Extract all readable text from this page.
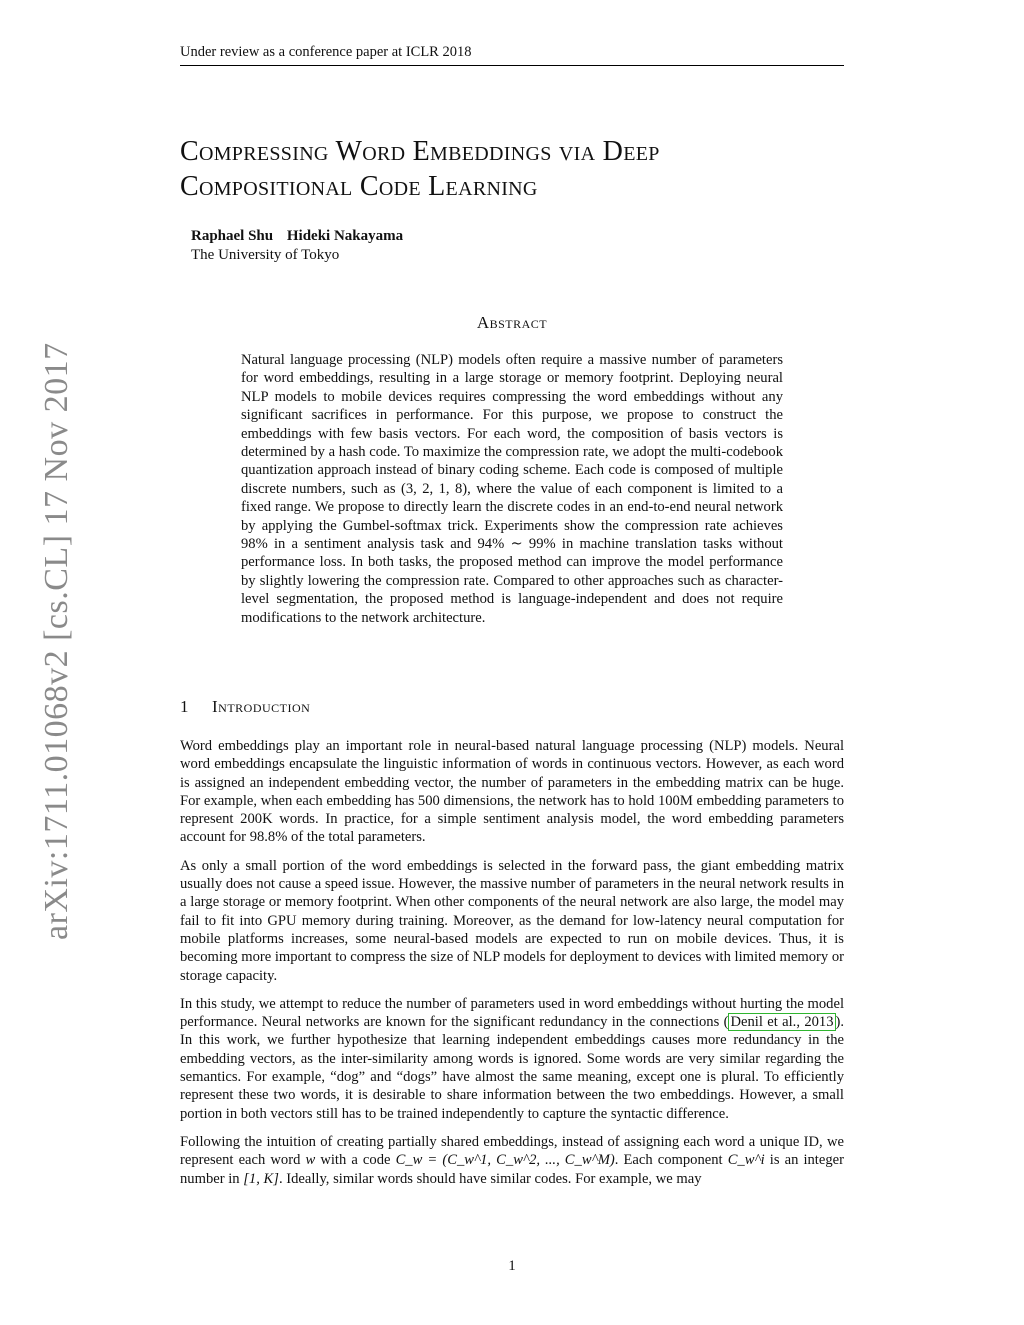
Under review as a conference paper at ICLR 2018
arXiv:1711.01068v2 [cs.CL] 17 Nov 2017
Compressing Word Embeddings via Deep
Compositional Code Learning
Raphael Shu Hideki Nakayama
The University of Tokyo
Abstract
Natural language processing (NLP) models often require a massive number of parameters for word embeddings, resulting in a large storage or memory footprint. Deploying neural NLP models to mobile devices requires compressing the word embeddings without any significant sacrifices in performance. For this purpose, we propose to construct the embeddings with few basis vectors. For each word, the composition of basis vectors is determined by a hash code. To maximize the compression rate, we adopt the multi-codebook quantization approach instead of binary coding scheme. Each code is composed of multiple discrete numbers, such as (3, 2, 1, 8), where the value of each component is limited to a fixed range. We propose to directly learn the discrete codes in an end-to-end neural network by applying the Gumbel-softmax trick. Experiments show the compression rate achieves 98% in a sentiment analysis task and 94% ∼ 99% in machine translation tasks without performance loss. In both tasks, the proposed method can improve the model performance by slightly lowering the compression rate. Compared to other approaches such as character-level segmentation, the proposed method is language-independent and does not require modifications to the network architecture.
1 Introduction

Word embeddings play an important role in neural-based natural language processing (NLP) models. Neural word embeddings encapsulate the linguistic information of words in continuous vectors. However, as each word is assigned an independent embedding vector, the number of parameters in the embedding matrix can be huge. For example, when each embedding has 500 dimensions, the network has to hold 100M embedding parameters to represent 200K words. In practice, for a simple sentiment analysis model, the word embedding parameters account for 98.8% of the total parameters.

As only a small portion of the word embeddings is selected in the forward pass, the giant embedding matrix usually does not cause a speed issue. However, the massive number of parameters in the neural network results in a large storage or memory footprint. When other components of the neural network are also large, the model may fail to fit into GPU memory during training. Moreover, as the demand for low-latency neural computation for mobile platforms increases, some neural-based models are expected to run on mobile devices. Thus, it is becoming more important to compress the size of NLP models for deployment to devices with limited memory or storage capacity.

In this study, we attempt to reduce the number of parameters used in word embeddings without hurting the model performance. Neural networks are known for the significant redundancy in the connections ( Denil et al., 2013 ). In this work, we further hypothesize that learning independent embeddings causes more redundancy in the embedding vectors, as the inter-similarity among words is ignored. Some words are very similar regarding the semantics. For example, “dog” and “dogs” have almost the same meaning, except one is plural. To efficiently represent these two words, it is desirable to share information between the two embeddings. However, a small portion in both vectors still has to be trained independently to capture the syntactic difference.

Following the intuition of creating partially shared embeddings, instead of assigning each word a unique ID, we represent each word w with a code C_w = (C_w^1, C_w^2, ..., C_w^M). Each component C_w^i is an integer number in [1, K]. Ideally, similar words should have similar codes. For example, we may

1
